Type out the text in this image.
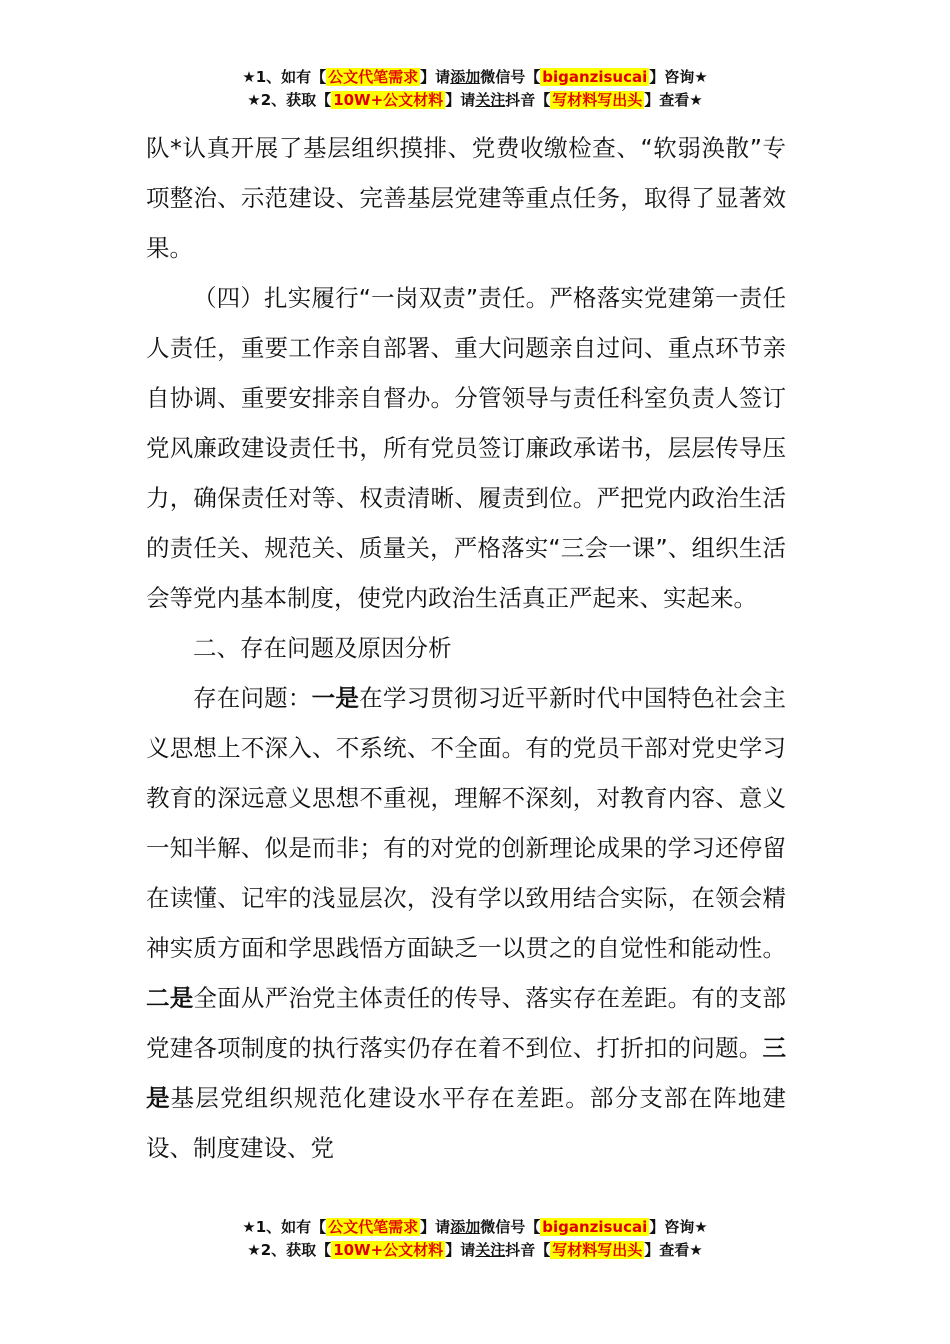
★1、如有【 公文代笔需求 】请添加微信号【 biganzisucai 】咨询★
★2、获取【 10W+公文材料 】请关注抖音【 写材料写出头 】查看★

队*认真开展了基层组织摸排、党费收缴检查、“软弱涣散”专项整治、示范建设、完善基层党建等重点任务，取得了显著效果。

（四）扎实履行“一岗双责”责任。严格落实党建第一责任人责任，重要工作亲自部署、重大问题亲自过问、重点环节亲自协调、重要安排亲自督办。分管领导与责任科室负责人签订党风廉政建设责任书，所有党员签订廉政承诺书，层层传导压力，确保责任对等、权责清晰、履责到位。严把党内政治生活的责任关、规范关、质量关，严格落实“三会一课”、组织生活会等党内基本制度，使党内政治生活真正严起来、实起来。

二、存在问题及原因分析

存在问题：一是在学习贯彻习近平新时代中国特色社会主义思想上不深入、不系统、不全面。有的党员干部对党史学习教育的深远意义思想不重视，理解不深刻，对教育内容、意义一知半解、似是而非；有的对党的创新理论成果的学习还停留在读懂、记牢的浅显层次，没有学以致用结合实际，在领会精神实质方面和学思践悟方面缺乏一以贯之的自觉性和能动性。二是全面从严治党主体责任的传导、落实存在差距。有的支部党建各项制度的执行落实仍存在着不到位、打折扣的问题。三是基层党组织规范化建设水平存在差距。部分支部在阵地建设、制度建设、党

★1、如有【 公文代笔需求 】请添加微信号【 biganzisucai 】咨询★
★2、获取【 10W+公文材料 】请关注抖音【 写材料写出头 】查看★
